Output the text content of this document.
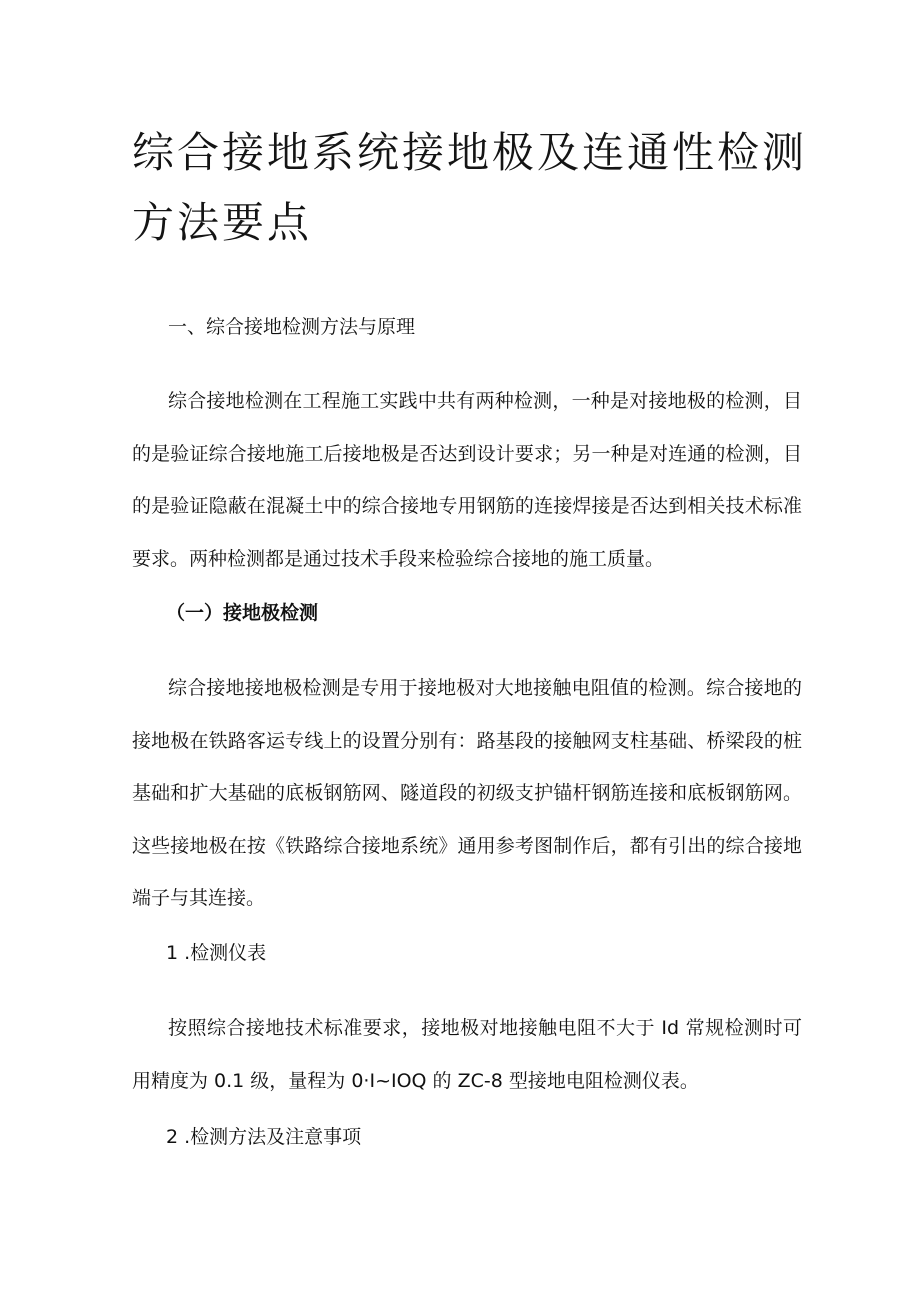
综合接地系统接地极及连通性检测方法要点
一、综合接地检测方法与原理

综合接地检测在工程施工实践中共有两种检测，一种是对接地极的检测，目的是验证综合接地施工后接地极是否达到设计要求；另一种是对连通的检测，目的是验证隐蔽在混凝土中的综合接地专用钢筋的连接焊接是否达到相关技术标准要求。两种检测都是通过技术手段来检验综合接地的施工质量。

（一）接地极检测

综合接地接地极检测是专用于接地极对大地接触电阻值的检测。综合接地的接地极在铁路客运专线上的设置分别有：路基段的接触网支柱基础、桥梁段的桩基础和扩大基础的底板钢筋网、隧道段的初级支护锚杆钢筋连接和底板钢筋网。这些接地极在按《铁路综合接地系统》通用参考图制作后，都有引出的综合接地端子与其连接。

1 .检测仪表

按照综合接地技术标准要求，接地极对地接触电阻不大于 Id 常规检测时可用精度为 0.1 级，量程为 0·I~IOQ 的 ZC-8 型接地电阻检测仪表。

2 .检测方法及注意事项
